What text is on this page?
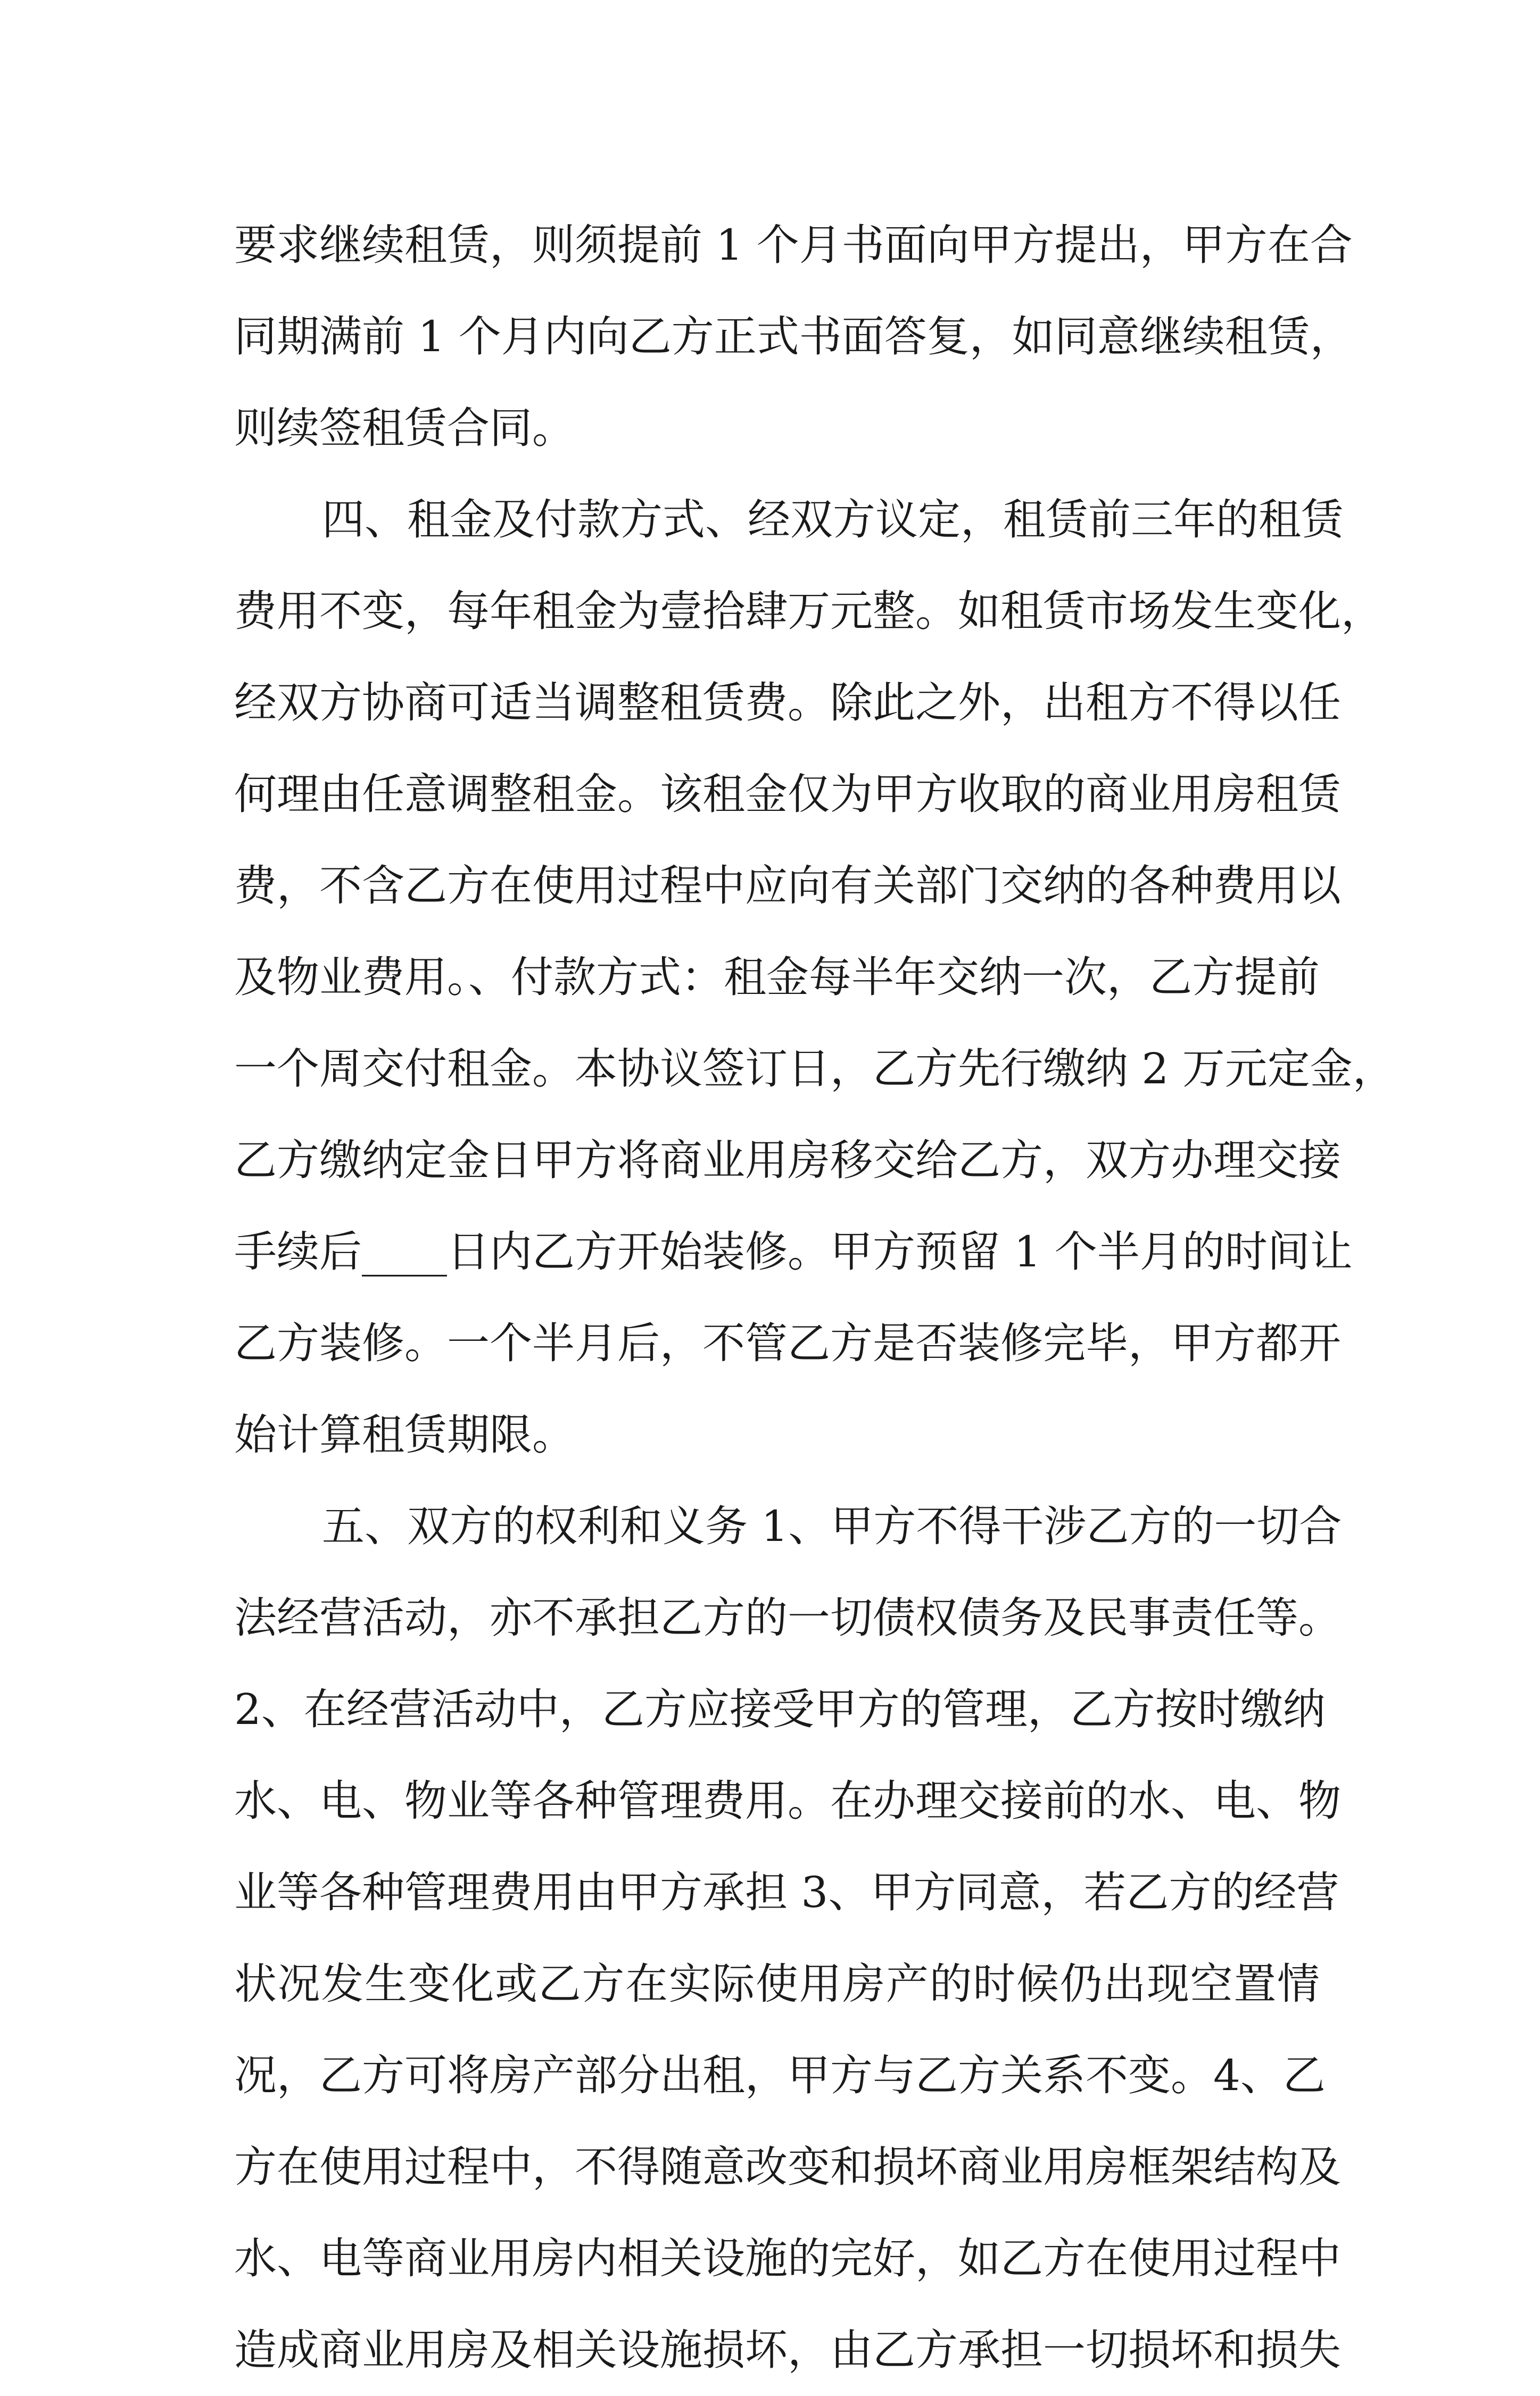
要求继续租赁，则须提前 1 个月书面向甲方提出，甲方在合
同期满前 1 个月内向乙方正式书面答复，如同意继续租赁，
则续签租赁合同。
四、租金及付款方式、经双方议定，租赁前三年的租赁
费用不变，每年租金为壹拾肆万元整。如租赁市场发生变化，
经双方协商可适当调整租赁费。除此之外，出租方不得以任
何理由任意调整租金。该租金仅为甲方收取的商业用房租赁
费，不含乙方在使用过程中应向有关部门交纳的各种费用以
及物业费用。、付款方式：租金每半年交纳一次，乙方提前
一个周交付租金。本协议签订日，乙方先行缴纳 2 万元定金，
乙方缴纳定金日甲方将商业用房移交给乙方，双方办理交接
手续后____日内乙方开始装修。甲方预留 1 个半月的时间让
乙方装修。一个半月后，不管乙方是否装修完毕，甲方都开
始计算租赁期限。
五、双方的权利和义务 1、甲方不得干涉乙方的一切合
法经营活动，亦不承担乙方的一切债权债务及民事责任等。
2、在经营活动中，乙方应接受甲方的管理，乙方按时缴纳
水、电、物业等各种管理费用。在办理交接前的水、电、物
业等各种管理费用由甲方承担 3、甲方同意，若乙方的经营
状况发生变化或乙方在实际使用房产的时候仍出现空置情
况，乙方可将房产部分出租，甲方与乙方关系不变。4、乙
方在使用过程中，不得随意改变和损坏商业用房框架结构及
水、电等商业用房内相关设施的完好，如乙方在使用过程中
造成商业用房及相关设施损坏，由乙方承担一切损坏和损失
